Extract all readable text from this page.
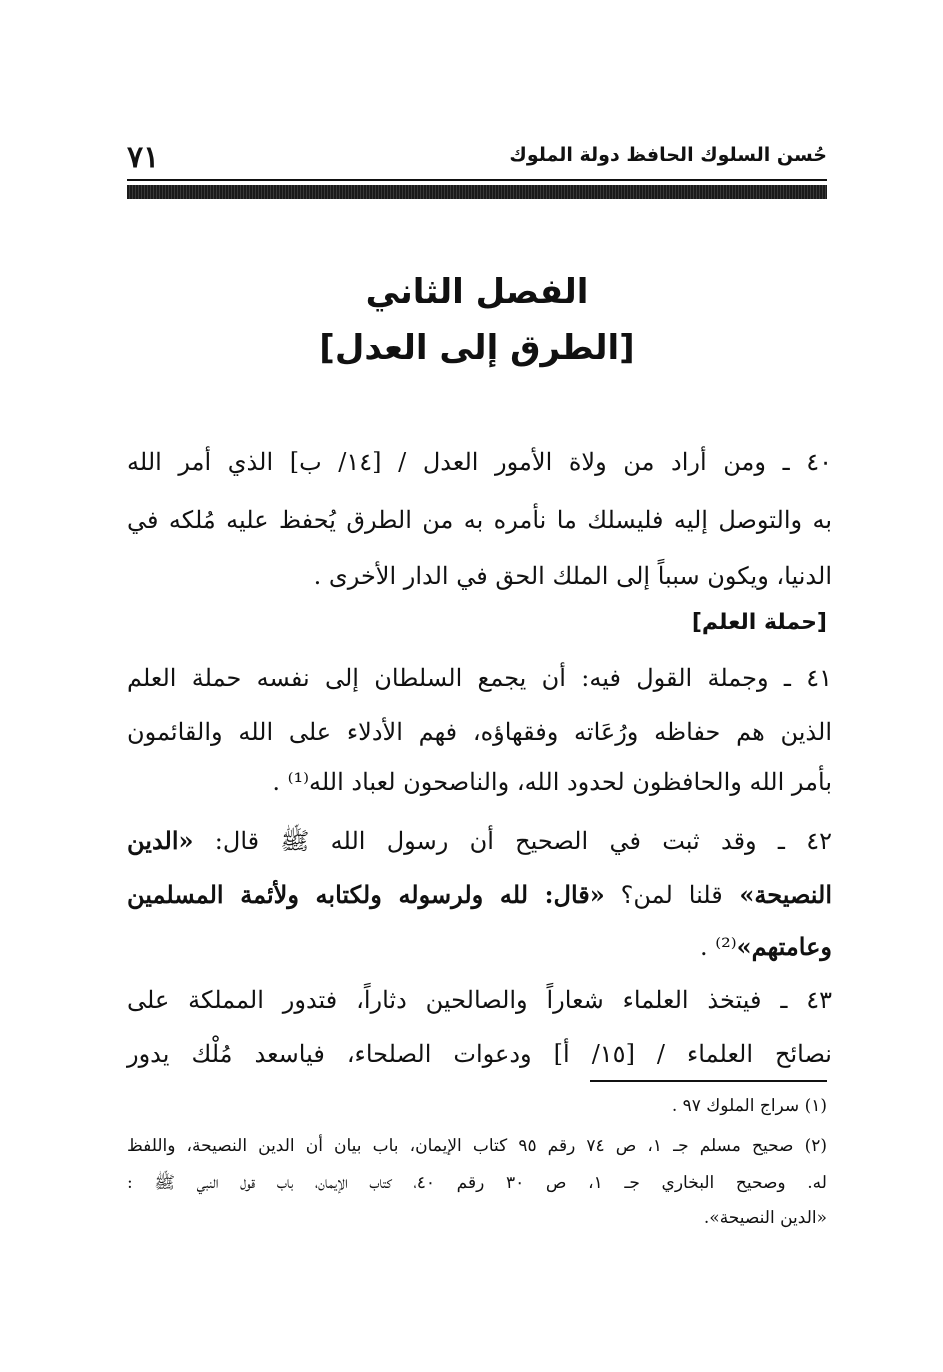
حُسن السلوك الحافظ دولة الملوك
٧١
الفصل الثاني
[الطرق إلى العدل]
٤٠ ـ ومن أراد من ولاة الأمور العدل / [١٤/ ب] الذي أمر الله
به والتوصل إليه فليسلك ما نأمره به من الطرق يُحفظ عليه مُلكه في
الدنيا، ويكون سبباً إلى الملك الحق في الدار الأخرى .
[حملة العلم]
٤١ ـ وجملة القول فيه: أن يجمع السلطان إلى نفسه حملة العلم
الذين هم حفاظه ورُعَاته وفقهاؤه، فهم الأدلاء على الله والقائمون
بأمر الله والحافظون لحدود الله، والناصحون لعباد الله⁽¹⁾ .
٤٢ ـ وقد ثبت في الصحيح أن رسول الله ﷺ قال: «الدين
النصيحة» قلنا لمن؟ «قال: لله ولرسوله ولكتابه ولأئمة المسلمين
وعامتهم»⁽²⁾ .
٤٣ ـ فيتخذ العلماء شعاراً والصالحين دثاراً، فتدور المملكة على
نصائح العلماء / [١٥/ أ] ودعوات الصلحاء، فياسعد مُلْك يدور
(١) سراج الملوك ٩٧ .
(٢) صحيح مسلم جـ ١، ص ٧٤ رقم ٩٥ كتاب الإيمان، باب بيان أن الدين النصيحة، واللفظ
له. وصحيح البخاري جـ ١، ص ٣٠ رقم ٤٠، كتاب الإيمان، باب قول النبي ﷺ :
«الدين النصيحة».
